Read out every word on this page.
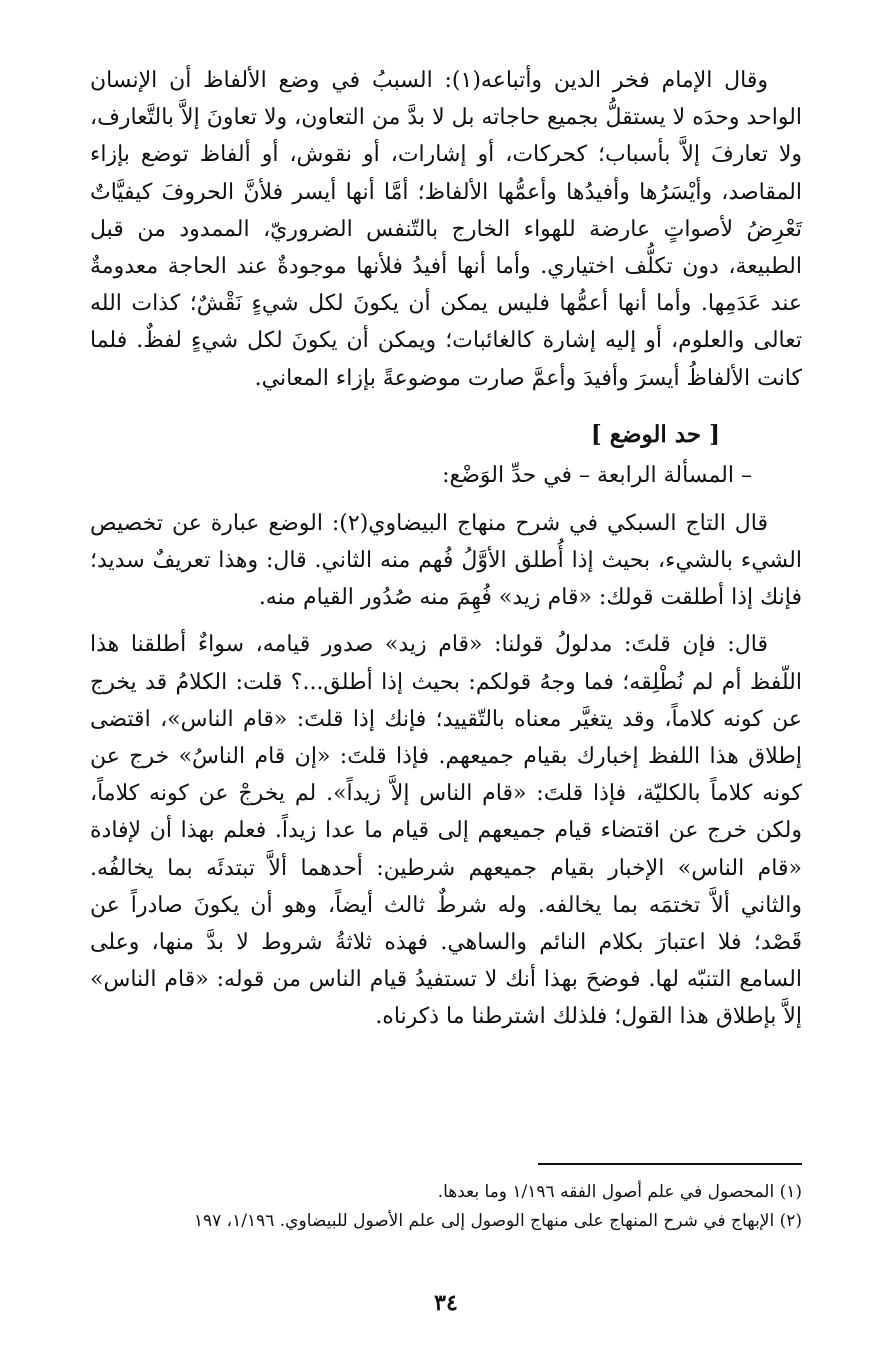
وقال الإمام فخر الدين وأتباعه(١): السببُ في وضع الألفاظ أن الإنسان الواحد وحدَه لا يستقلُّ بجميع حاجاته بل لا بدَّ من التعاون، ولا تعاونَ إلاَّ بالتَّعارف، ولا تعارفَ إلاَّ بأسباب؛ كحركات، أو إشارات، أو نقوش، أو ألفاظ توضع بإزاء المقاصد، وأيْسَرُها وأفيدُها وأعمُّها الألفاظ؛ أمَّا أنها أيسر فلأنَّ الحروفَ كيفيَّاتٌ تَعْرِضُ لأصواتٍ عارضة للهواء الخارج بالتّنفس الضروريّ، الممدود من قبل الطبيعة، دون تكلُّف اختياري. وأما أنها أفيدُ فلأنها موجودةٌ عند الحاجة معدومةٌ عند عَدَمِها. وأما أنها أعمُّها فليس يمكن أن يكونَ لكل شيءٍ نَقْشٌ؛ كذات الله تعالى والعلوم، أو إليه إشارة كالغائبات؛ ويمكن أن يكونَ لكل شيءٍ لفظٌ. فلما كانت الألفاظُ أيسرَ وأفيدَ وأعمَّ صارت موضوعةً بإزاء المعاني.

[ حد الوضع ]

– المسألة الرابعة – في حدِّ الوَضْع:

قال التاج السبكي في شرح منهاج البيضاوي(٢): الوضع عبارة عن تخصيص الشيء بالشيء، بحيث إذا أُطلق الأوَّلُ فُهم منه الثاني. قال: وهذا تعريفٌ سديد؛ فإنك إذا أطلقت قولك: «قام زيد» فُهِمَ منه صُدُور القيام منه.

قال: فإن قلتَ: مدلولُ قولنا: «قام زيد» صدور قيامه، سواءٌ أطلقنا هذا اللّفظ أم لم نُطْلِقه؛ فما وجهُ قولكم: بحيث إذا أطلق...؟ قلت: الكلامُ قد يخرج عن كونه كلاماً، وقد يتغيَّر معناه بالتّقييد؛ فإنك إذا قلتَ: «قام الناس»، اقتضى إطلاق هذا اللفظ إخبارك بقيام جميعهم. فإذا قلتَ: «إن قام الناسُ» خرج عن كونه كلاماً بالكليّة، فإذا قلتَ: «قام الناس إلاَّ زيداً». لم يخرجْ عن كونه كلاماً، ولكن خرج عن اقتضاء قيام جميعهم إلى قيام ما عدا زيداً. فعلم بهذا أن لإفادة «قام الناس» الإخبار بقيام جميعهم شرطين: أحدهما ألاَّ تبتدئَه بما يخالفُه. والثاني ألاَّ تختمَه بما يخالفه. وله شرطٌ ثالث أيضاً، وهو أن يكونَ صادراً عن قَصْد؛ فلا اعتبارَ بكلام النائم والساهي. فهذه ثلاثةُ شروط لا بدَّ منها، وعلى السامع التنبّه لها. فوضحَ بهذا أنك لا تستفيدُ قيام الناس من قوله: «قام الناس» إلاَّ بإطلاق هذا القول؛ فلذلك اشترطنا ما ذكرناه.

(١) المحصول في علم أصول الفقه ١/١٩٦ وما بعدها.

(٢) الإبهاج في شرح المنهاج على منهاج الوصول إلى علم الأصول للبيضاوي. ١/١٩٦، ١٩٧

٣٤
